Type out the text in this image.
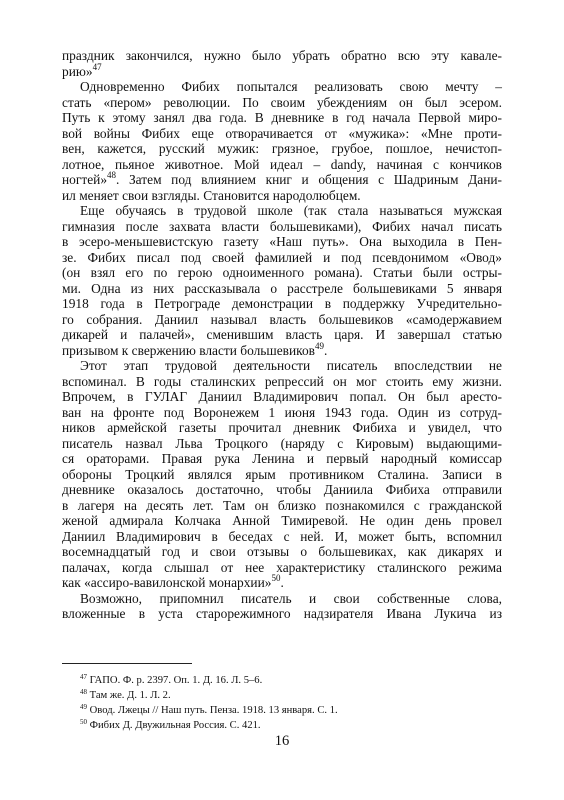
праздник закончился, нужно было убрать обратно всю эту кавале-
рию»$^{47}$
Одновременно Фибих попытался реализовать свою мечту –
стать «пером» революции. По своим убеждениям он был эсером.
Путь к этому занял два года. В дневнике в год начала Первой миро-
вой войны Фибих еще отворачивается от «мужика»: «Мне проти-
вен, кажется, русский мужик: грязное, грубое, пошлое, нечистоп-
лотное, пьяное животное. Мой идеал – dandy, начиная с кончиков
ногтей»$^{48}$. Затем под влиянием книг и общения с Шадриным Дани-
ил меняет свои взгляды. Становится народолюбцем.
Еще обучаясь в трудовой школе (так стала называться мужская
гимназия после захвата власти большевиками), Фибих начал писать
в эсеро-меньшевистскую газету «Наш путь». Она выходила в Пен-
зе. Фибих писал под своей фамилией и под псевдонимом «Овод»
(он взял его по герою одноименного романа). Статьи были остры-
ми. Одна из них рассказывала о расстреле большевиками 5 января
1918 года в Петрограде демонстрации в поддержку Учредительно-
го собрания. Даниил называл власть большевиков «самодержавием
дикарей и палачей», сменившим власть царя. И завершал статью
призывом к свержению власти большевиков$^{49}$.
Этот этап трудовой деятельности писатель впоследствии не
вспоминал. В годы сталинских репрессий он мог стоить ему жизни.
Впрочем, в ГУЛАГ Даниил Владимирович попал. Он был аресто-
ван на фронте под Воронежем 1 июня 1943 года. Один из сотруд-
ников армейской газеты прочитал дневник Фибиха и увидел, что
писатель назвал Льва Троцкого (наряду с Кировым) выдающими-
ся ораторами. Правая рука Ленина и первый народный комиссар
обороны Троцкий являлся ярым противником Сталина. Записи в
дневнике оказалось достаточно, чтобы Даниила Фибиха отправили
в лагеря на десять лет. Там он близко познакомился с гражданской
женой адмирала Колчака Анной Тимиревой. Не один день провел
Даниил Владимирович в беседах с ней. И, может быть, вспомнил
восемнадцатый год и свои отзывы о большевиках, как дикарях и
палачах, когда слышал от нее характеристику сталинского режима
как «ассиро-вавилонской монархии»$^{50}$.
Возможно, припомнил писатель и свои собственные слова,
вложенные в уста старорежимного надзирателя Ивана Лукича из
$^{47}$ ГАПО. Ф. р. 2397. Оп. 1. Д. 16. Л. 5–6.
$^{48}$ Там же. Д. 1. Л. 2.
$^{49}$ Овод. Лжецы // Наш путь. Пенза. 1918. 13 января. С. 1.
$^{50}$ Фибих Д. Двужильная Россия. С. 421.
16
